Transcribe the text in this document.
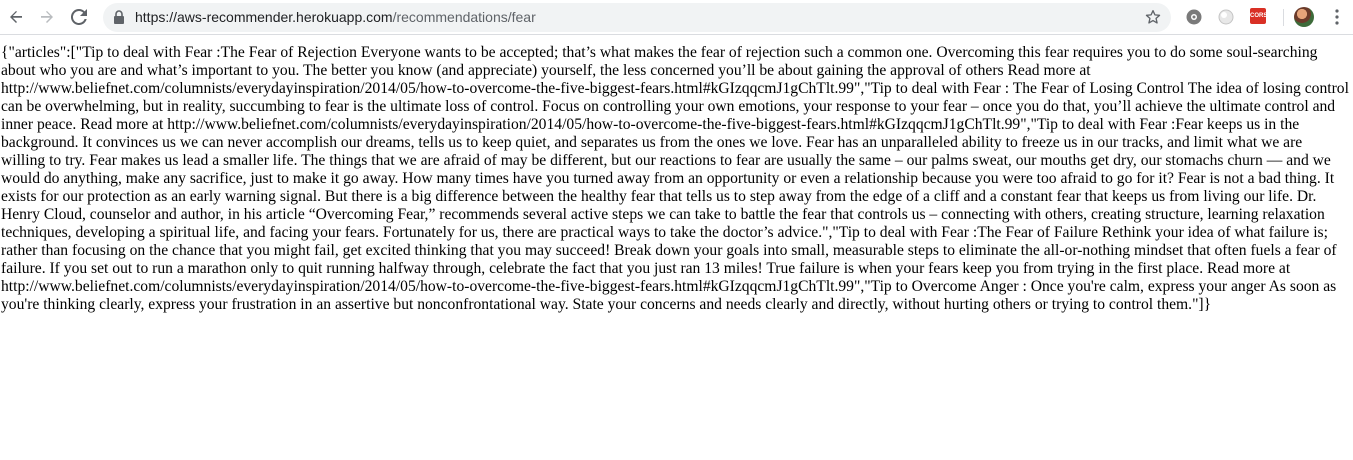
https://aws-recommender.herokuapp.com/recommendations/fear	CORS
{"articles":["Tip to deal with Fear :The Fear of Rejection Everyone wants to be accepted; that’s what makes the fear of rejection such a common one. Overcoming this fear requires you to do some soul-searching about who you are and what’s important to you. The better you know (and appreciate) yourself, the less concerned you’ll be about gaining the approval of others Read more at http://www.beliefnet.com/columnists/everydayinspiration/2014/05/how-to-overcome-the-five-biggest-fears.html#kGIzqqcmJ1gChTlt.99","Tip to deal with Fear : The Fear of Losing Control The idea of losing control can be overwhelming, but in reality, succumbing to fear is the ultimate loss of control. Focus on controlling your own emotions, your response to your fear – once you do that, you’ll achieve the ultimate control and inner peace. Read more at http://www.beliefnet.com/columnists/everydayinspiration/2014/05/how-to-overcome-the-five-biggest-fears.html#kGIzqqcmJ1gChTlt.99","Tip to deal with Fear :Fear keeps us in the background. It convinces us we can never accomplish our dreams, tells us to keep quiet, and separates us from the ones we love. Fear has an unparalleled ability to freeze us in our tracks, and limit what we are willing to try. Fear makes us lead a smaller life. The things that we are afraid of may be different, but our reactions to fear are usually the same – our palms sweat, our mouths get dry, our stomachs churn — and we would do anything, make any sacrifice, just to make it go away. How many times have you turned away from an opportunity or even a relationship because you were too afraid to go for it? Fear is not a bad thing. It exists for our protection as an early warning signal. But there is a big difference between the healthy fear that tells us to step away from the edge of a cliff and a constant fear that keeps us from living our life. Dr. Henry Cloud, counselor and author, in his article “Overcoming Fear,” recommends several active steps we can take to battle the fear that controls us – connecting with others, creating structure, learning relaxation techniques, developing a spiritual life, and facing your fears. Fortunately for us, there are practical ways to take the doctor’s advice.","Tip to deal with Fear :The Fear of Failure Rethink your idea of what failure is; rather than focusing on the chance that you might fail, get excited thinking that you may succeed! Break down your goals into small, measurable steps to eliminate the all-or-nothing mindset that often fuels a fear of failure. If you set out to run a marathon only to quit running halfway through, celebrate the fact that you just ran 13 miles! True failure is when your fears keep you from trying in the first place. Read more at http://www.beliefnet.com/columnists/everydayinspiration/2014/05/how-to-overcome-the-five-biggest-fears.html#kGIzqqcmJ1gChTlt.99","Tip to Overcome Anger : Once you're calm, express your anger As soon as you're thinking clearly, express your frustration in an assertive but nonconfrontational way. State your concerns and needs clearly and directly, without hurting others or trying to control them."]}
